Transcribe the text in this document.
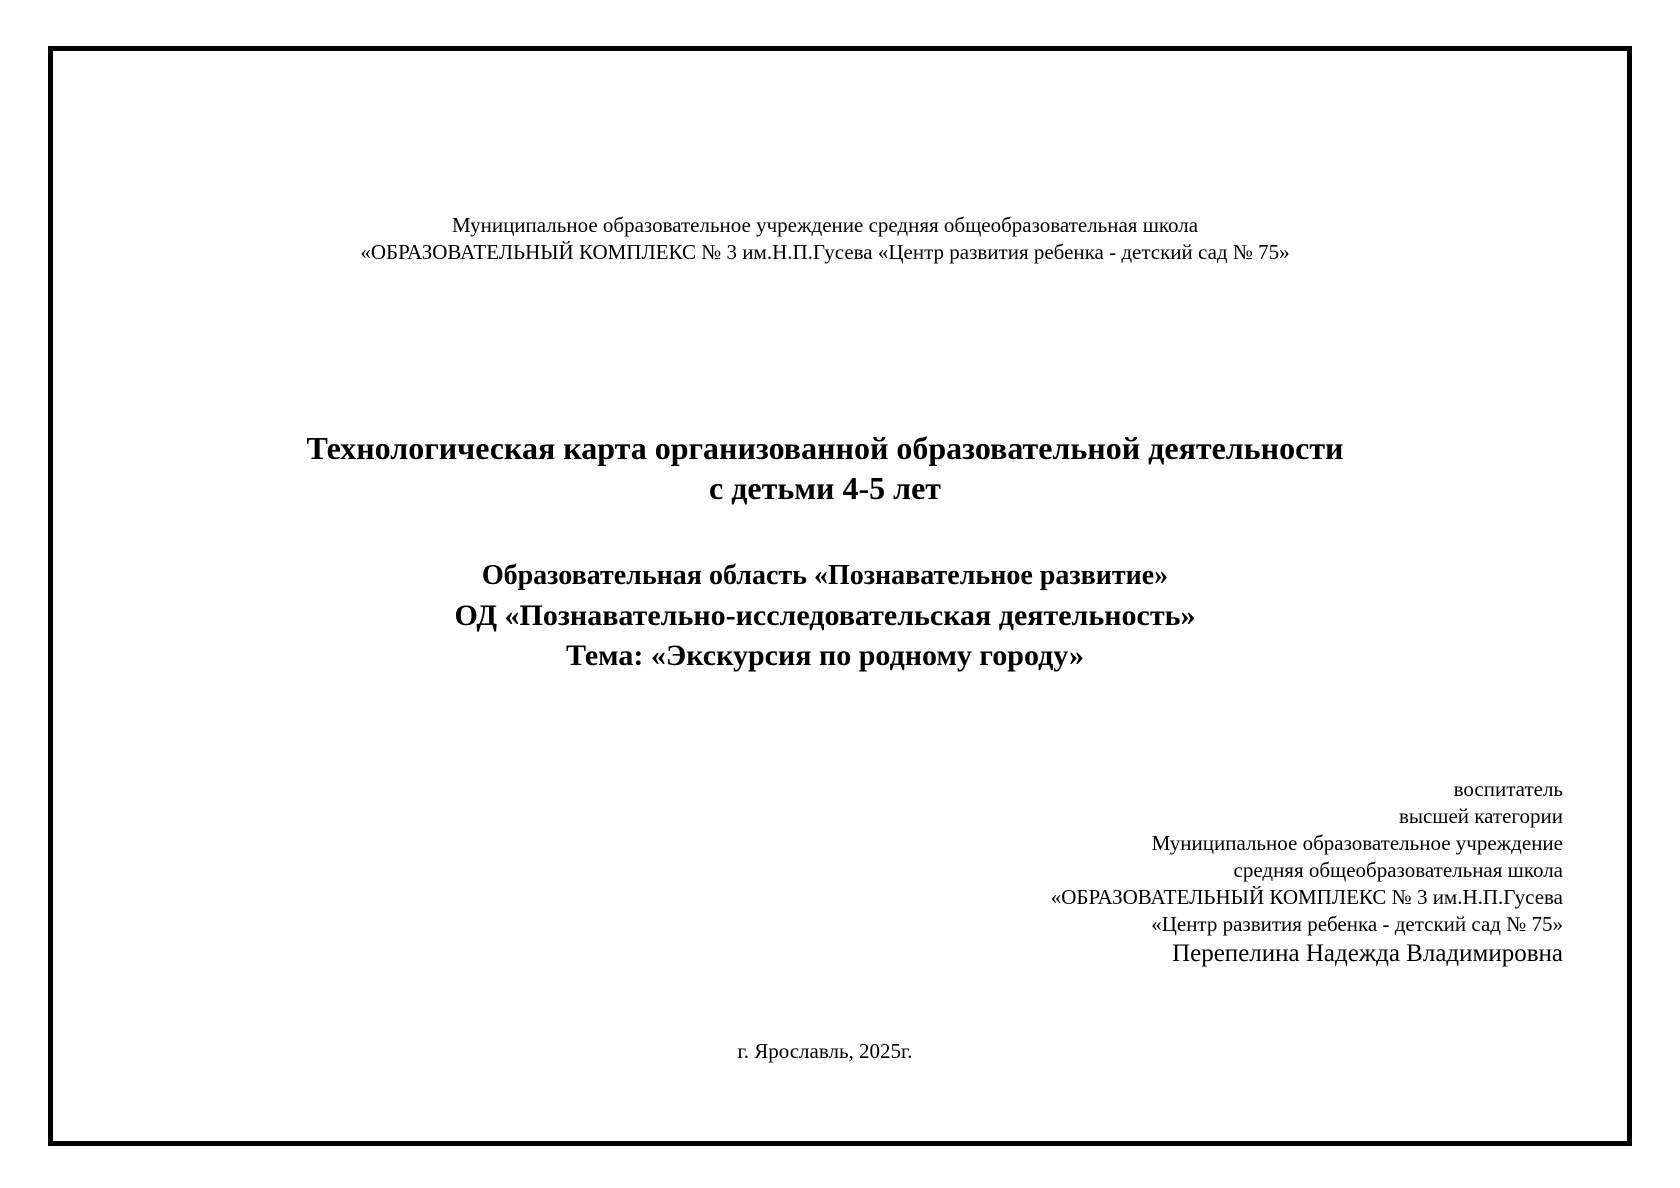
Муниципальное образовательное учреждение средняя общеобразовательная школа
«ОБРАЗОВАТЕЛЬНЫЙ КОМПЛЕКС № 3 им.Н.П.Гусева «Центр развития ребенка - детский сад № 75»
Технологическая карта организованной образовательной деятельности
с детьми 4-5 лет
Образовательная область «Познавательное развитие»
ОД «Познавательно-исследовательская деятельность»
Тема: «Экскурсия по родному городу»
воспитатель
высшей категории
Муниципальное образовательное учреждение
средняя общеобразовательная школа
«ОБРАЗОВАТЕЛЬНЫЙ КОМПЛЕКС № 3 им.Н.П.Гусева
«Центр развития ребенка - детский сад № 75»
Перепелина Надежда Владимировна
г. Ярославль, 2025г.
